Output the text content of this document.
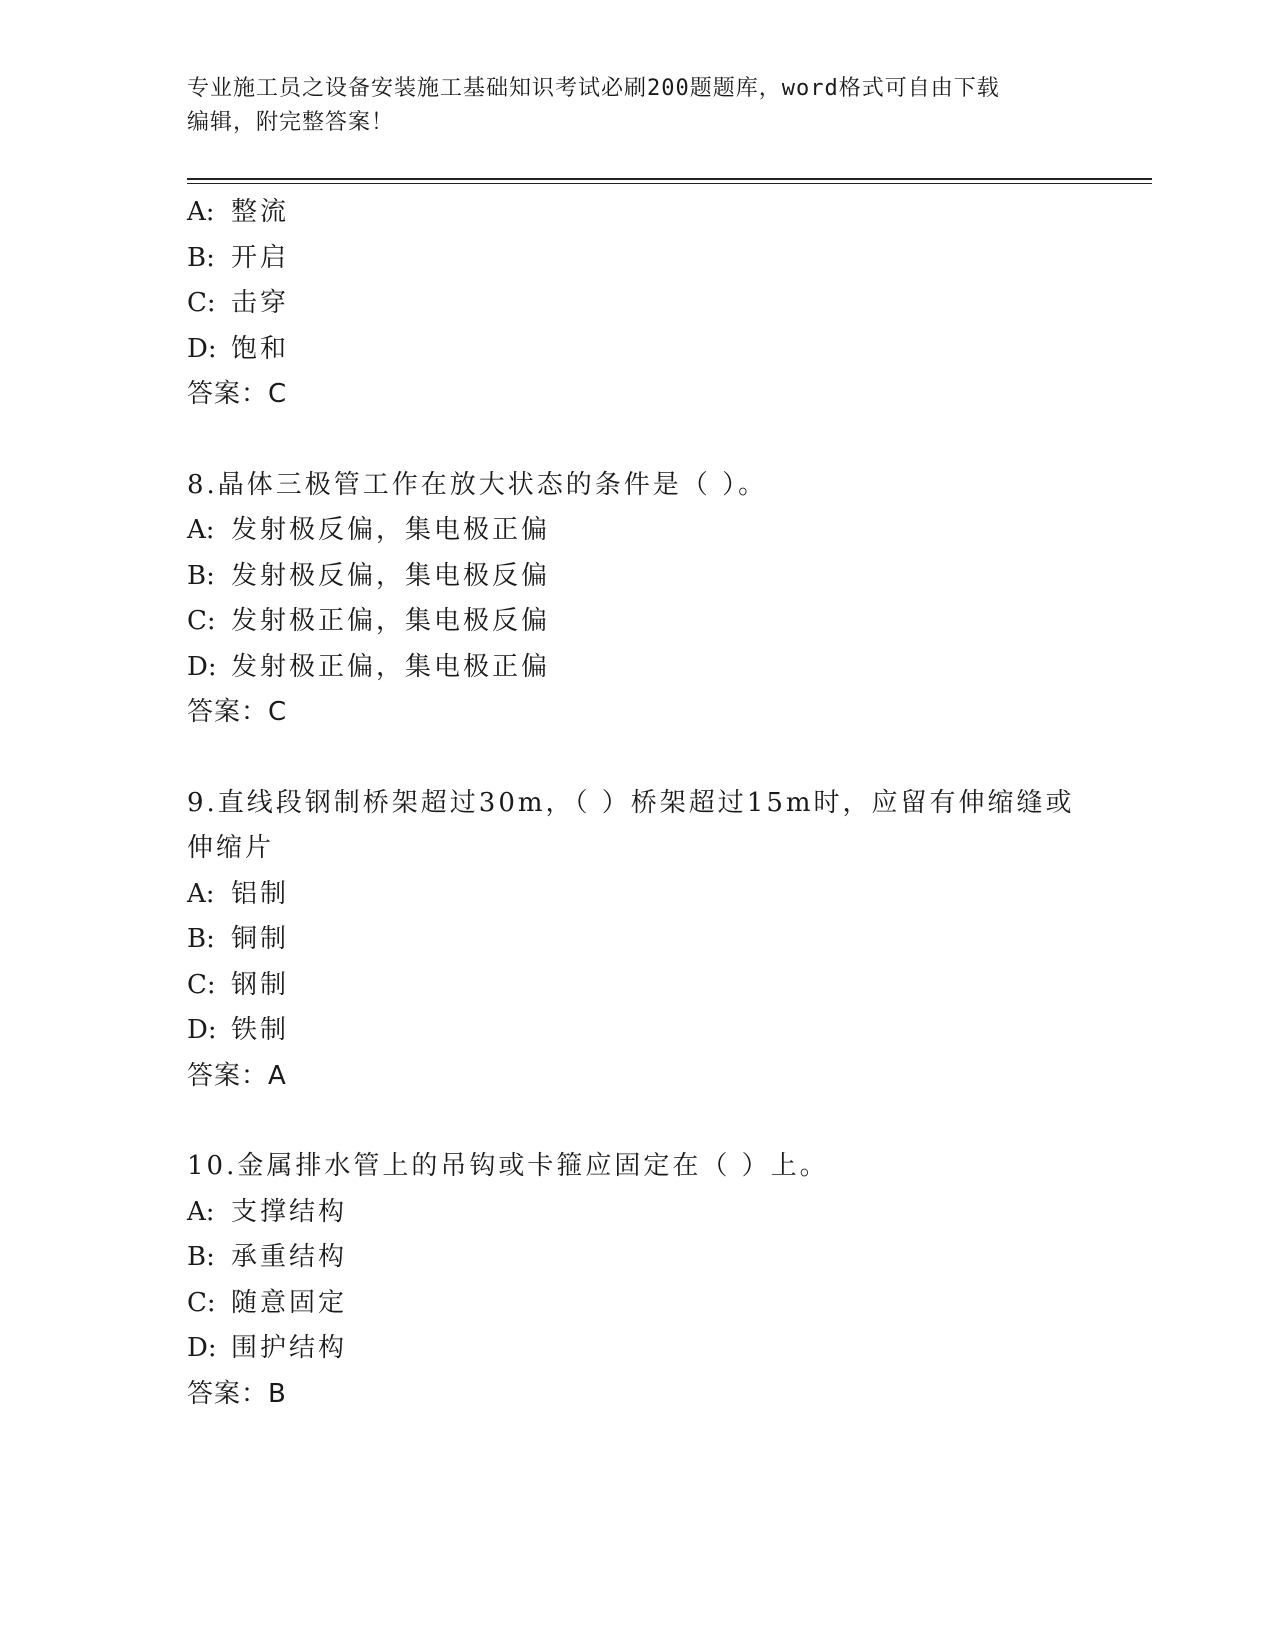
专业施工员之设备安装施工基础知识考试必刷200题题库，word格式可自由下载
编辑，附完整答案！
A: 整流
B: 开启
C: 击穿
D: 饱和
答案：C
8.晶体三极管工作在放大状态的条件是（ ）。
A: 发射极反偏，集电极正偏
B: 发射极反偏，集电极反偏
C: 发射极正偏，集电极反偏
D: 发射极正偏，集电极正偏
答案：C
9.直线段钢制桥架超过30m，（ ）桥架超过15m时，应留有伸缩缝或
伸缩片
A: 铝制
B: 铜制
C: 钢制
D: 铁制
答案：A
10.金属排水管上的吊钩或卡箍应固定在（ ）上。
A: 支撑结构
B: 承重结构
C: 随意固定
D: 围护结构
答案：B
